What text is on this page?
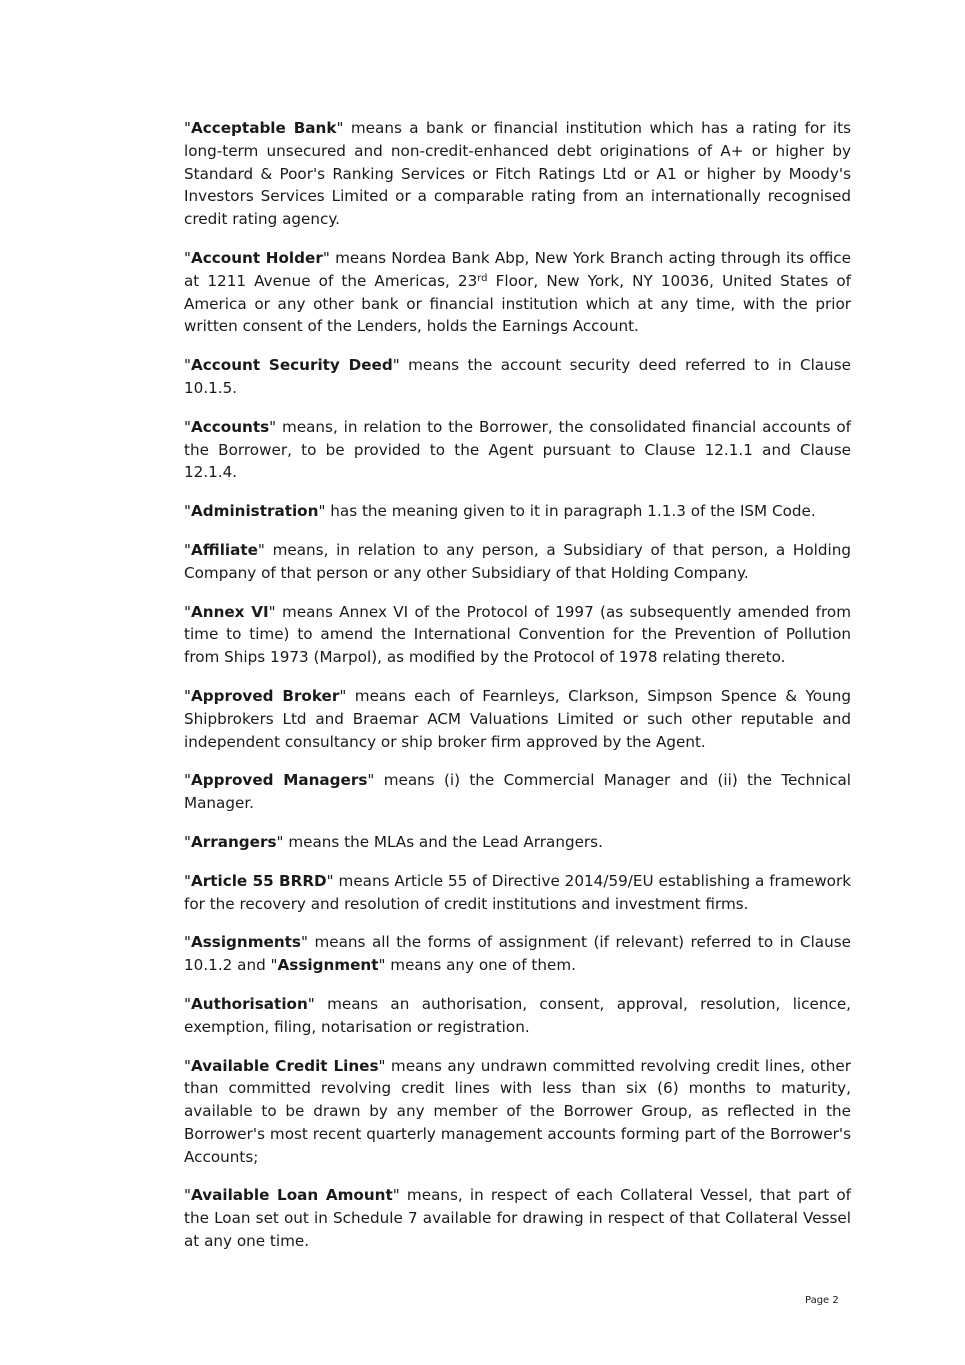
"Acceptable Bank" means a bank or financial institution which has a rating for its long-term unsecured and non-credit-enhanced debt originations of A+ or higher by Standard & Poor's Ranking Services or Fitch Ratings Ltd or A1 or higher by Moody's Investors Services Limited or a comparable rating from an internationally recognised credit rating agency.

"Account Holder" means Nordea Bank Abp, New York Branch acting through its office at 1211 Avenue of the Americas, 23rd Floor, New York, NY 10036, United States of America or any other bank or financial institution which at any time, with the prior written consent of the Lenders, holds the Earnings Account.

"Account Security Deed" means the account security deed referred to in Clause 10.1.5.

"Accounts" means, in relation to the Borrower, the consolidated financial accounts of the Borrower, to be provided to the Agent pursuant to Clause 12.1.1 and Clause 12.1.4.

"Administration" has the meaning given to it in paragraph 1.1.3 of the ISM Code.

"Affiliate" means, in relation to any person, a Subsidiary of that person, a Holding Company of that person or any other Subsidiary of that Holding Company.

"Annex VI" means Annex VI of the Protocol of 1997 (as subsequently amended from time to time) to amend the International Convention for the Prevention of Pollution from Ships 1973 (Marpol), as modified by the Protocol of 1978 relating thereto.

"Approved Broker" means each of Fearnleys, Clarkson, Simpson Spence & Young Shipbrokers Ltd and Braemar ACM Valuations Limited or such other reputable and independent consultancy or ship broker firm approved by the Agent.

"Approved Managers" means (i) the Commercial Manager and (ii) the Technical Manager.

"Arrangers" means the MLAs and the Lead Arrangers.

"Article 55 BRRD" means Article 55 of Directive 2014/59/EU establishing a framework for the recovery and resolution of credit institutions and investment firms.

"Assignments" means all the forms of assignment (if relevant) referred to in Clause 10.1.2 and "Assignment" means any one of them.

"Authorisation" means an authorisation, consent, approval, resolution, licence, exemption, filing, notarisation or registration.

"Available Credit Lines" means any undrawn committed revolving credit lines, other than committed revolving credit lines with less than six (6) months to maturity, available to be drawn by any member of the Borrower Group, as reflected in the Borrower's most recent quarterly management accounts forming part of the Borrower's Accounts;

"Available Loan Amount" means, in respect of each Collateral Vessel, that part of the Loan set out in Schedule 7 available for drawing in respect of that Collateral Vessel at any one time.

Page 2
